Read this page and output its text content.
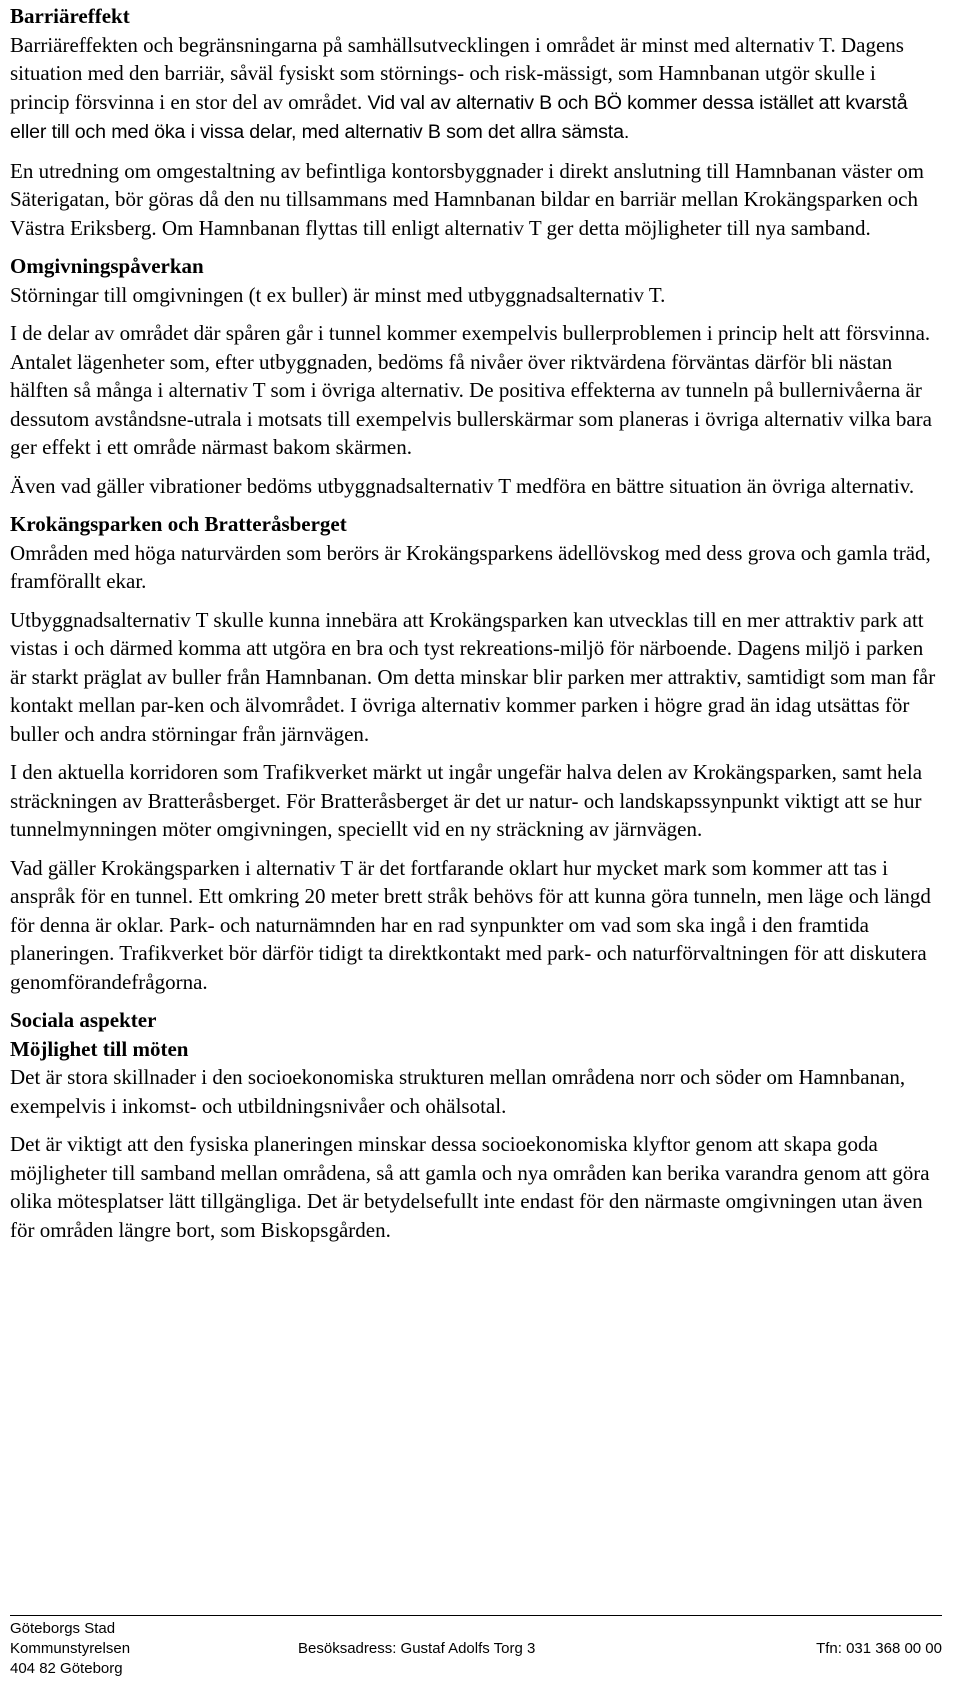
Barriäreffekt

Barriäreffekten och begränsningarna på samhällsutvecklingen i området är minst med alternativ T. Dagens situation med den barriär, såväl fysiskt som störnings- och risk-mässigt, som Hamnbanan utgör skulle i princip försvinna i en stor del av området. Vid val av alternativ B och BÖ kommer dessa istället att kvarstå eller till och med öka i vissa delar, med alternativ B som det allra sämsta.

En utredning om omgestaltning av befintliga kontorsbyggnader i direkt anslutning till Hamnbanan väster om Säterigatan, bör göras då den nu tillsammans med Hamnbanan bildar en barriär mellan Krokängsparken och Västra Eriksberg. Om Hamnbanan flyttas till enligt alternativ T ger detta möjligheter till nya samband.

Omgivningspåverkan

Störningar till omgivningen (t ex buller) är minst med utbyggnadsalternativ T.

I de delar av området där spåren går i tunnel kommer exempelvis bullerproblemen i princip helt att försvinna. Antalet lägenheter som, efter utbyggnaden, bedöms få nivåer över riktvärdena förväntas därför bli nästan hälften så många i alternativ T som i övriga alternativ. De positiva effekterna av tunneln på bullernivåerna är dessutom avståndsne-utrala i motsats till exempelvis bullerskärmar som planeras i övriga alternativ vilka bara ger effekt i ett område närmast bakom skärmen.

Även vad gäller vibrationer bedöms utbyggnadsalternativ T medföra en bättre situation än övriga alternativ.

Krokängsparken och Bratteråsberget

Områden med höga naturvärden som berörs är Krokängsparkens ädellövskog med dess grova och gamla träd, framförallt ekar.

Utbyggnadsalternativ T skulle kunna innebära att Krokängsparken kan utvecklas till en mer attraktiv park att vistas i och därmed komma att utgöra en bra och tyst rekreations-miljö för närboende. Dagens miljö i parken är starkt präglat av buller från Hamnbanan. Om detta minskar blir parken mer attraktiv, samtidigt som man får kontakt mellan par-ken och älvområdet. I övriga alternativ kommer parken i högre grad än idag utsättas för buller och andra störningar från järnvägen.

I den aktuella korridoren som Trafikverket märkt ut ingår ungefär halva delen av Krokängsparken, samt hela sträckningen av Bratteråsberget. För Bratteråsberget är det ur natur- och landskapssynpunkt viktigt att se hur tunnelmynningen möter omgivningen, speciellt vid en ny sträckning av järnvägen.

Vad gäller Krokängsparken i alternativ T är det fortfarande oklart hur mycket mark som kommer att tas i anspråk för en tunnel. Ett omkring 20 meter brett stråk behövs för att kunna göra tunneln, men läge och längd för denna är oklar. Park- och naturnämnden har en rad synpunkter om vad som ska ingå i den framtida planeringen. Trafikverket bör därför tidigt ta direktkontakt med park- och naturförvaltningen för att diskutera genomförandefrågorna.

Sociala aspekter
Möjlighet till möten

Det är stora skillnader i den socioekonomiska strukturen mellan områdena norr och söder om Hamnbanan, exempelvis i inkomst- och utbildningsnivåer och ohälsotal.

Det är viktigt att den fysiska planeringen minskar dessa socioekonomiska klyftor genom att skapa goda möjligheter till samband mellan områdena, så att gamla och nya områden kan berika varandra genom att göra olika mötesplatser lätt tillgängliga. Det är betydelsefullt inte endast för den närmaste omgivningen utan även för områden längre bort, som Biskopsgården.

Göteborgs Stad
Kommunstyrelsen	Besöksadress: Gustaf Adolfs Torg 3	Tfn: 031 368 00 00
404 82 Göteborg
